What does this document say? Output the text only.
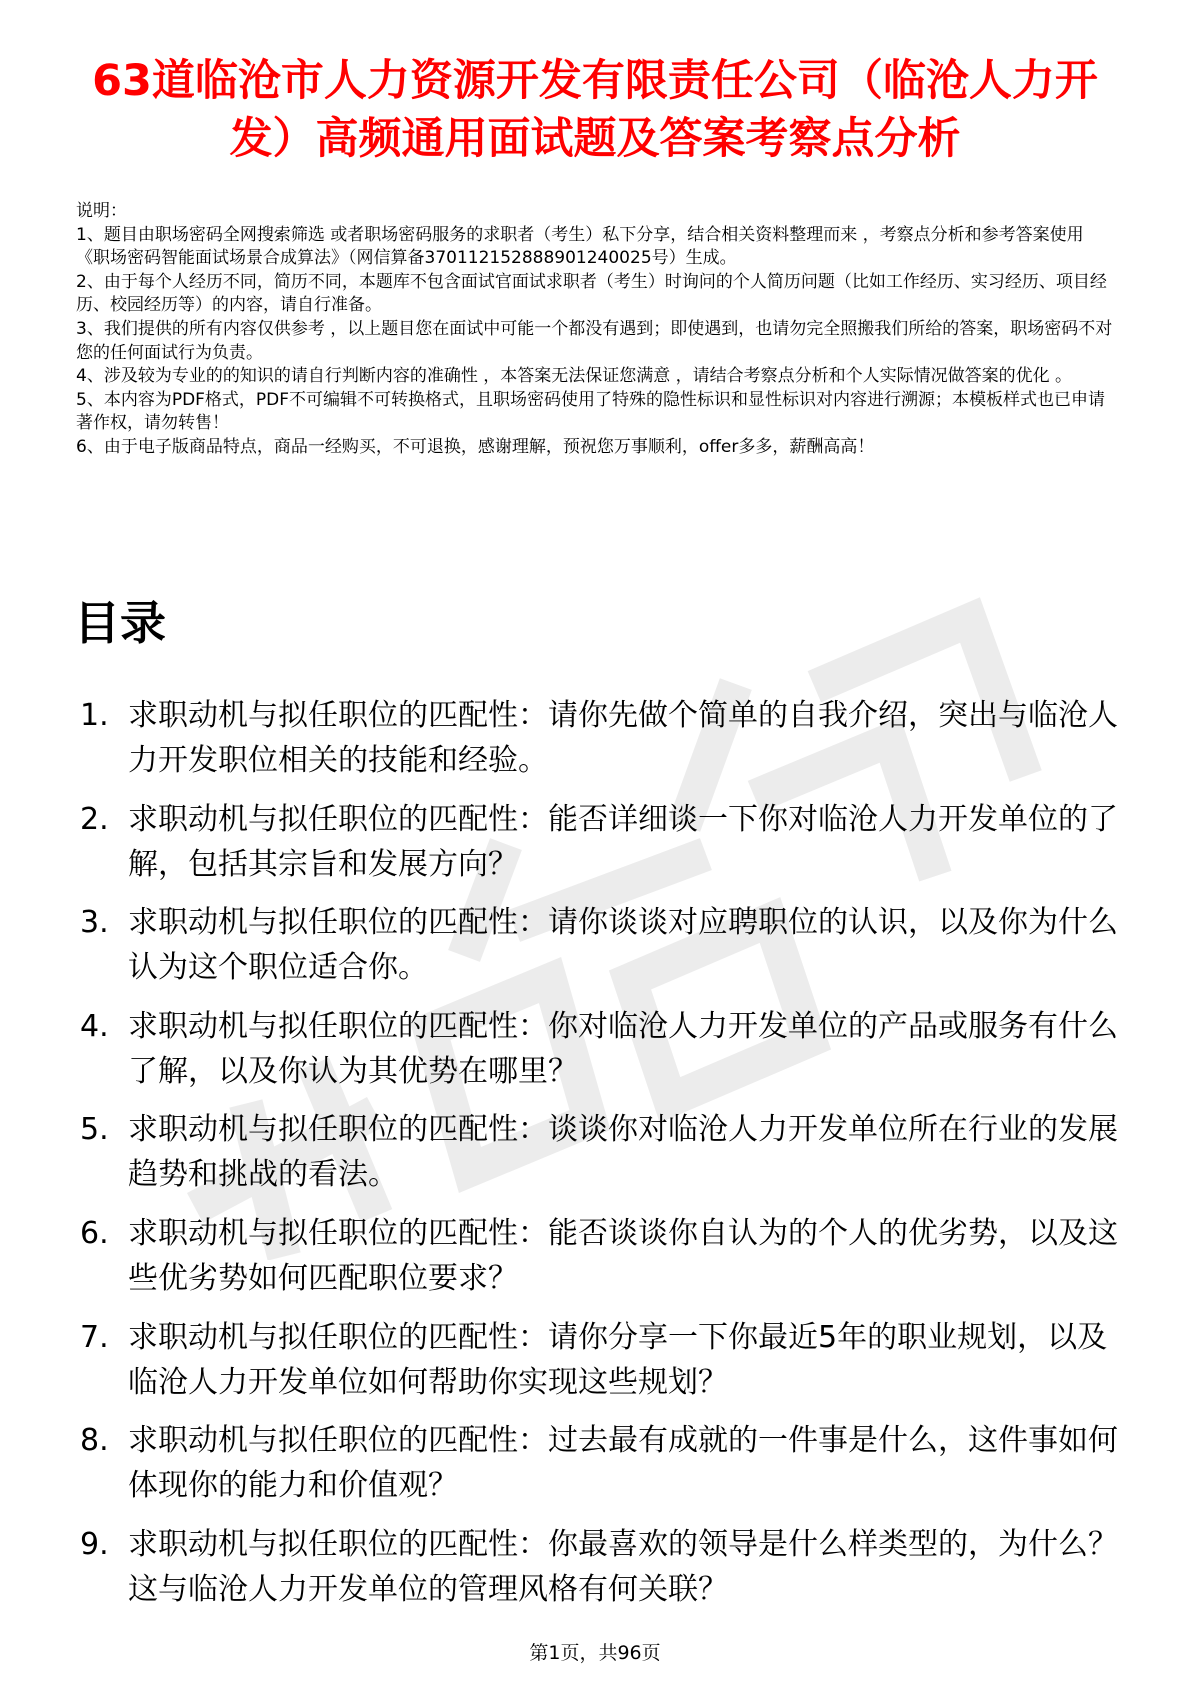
63道临沧市人力资源开发有限责任公司（临沧人力开发）高频通用面试题及答案考察点分析

说明：

1、题目由职场密码全网搜索筛选 或者职场密码服务的求职者（考生）私下分享，结合相关资料整理而来 ，考察点分析和参考答案使用《职场密码智能面试场景合成算法》（网信算备370112152888901240025号）生成。

2、由于每个人经历不同，简历不同，本题库不包含面试官面试求职者（考生）时询问的个人简历问题（比如工作经历、实习经历、项目经历、校园经历等）的内容，请自行准备。

3、我们提供的所有内容仅供参考 ，以上题目您在面试中可能一个都没有遇到；即使遇到，也请勿完全照搬我们所给的答案，职场密码不对您的任何面试行为负责。

4、涉及较为专业的的知识的请自行判断内容的准确性 ，本答案无法保证您满意 ，请结合考察点分析和个人实际情况做答案的优化 。

5、本内容为PDF格式，PDF不可编辑不可转换格式，且职场密码使用了特殊的隐性标识和显性标识对内容进行溯源；本模板样式也已申请著作权，请勿转售！

6、由于电子版商品特点，商品一经购买，不可退换，感谢理解，预祝您万事顺利，offer多多，薪酬高高！

目录
1. 求职动机与拟任职位的匹配性：请你先做个简单的自我介绍，突出与临沧人力开发职位相关的技能和经验。
2. 求职动机与拟任职位的匹配性：能否详细谈一下你对临沧人力开发单位的了解，包括其宗旨和发展方向？
3. 求职动机与拟任职位的匹配性：请你谈谈对应聘职位的认识，以及你为什么认为这个职位适合你。
4. 求职动机与拟任职位的匹配性：你对临沧人力开发单位的产品或服务有什么了解，以及你认为其优势在哪里？
5. 求职动机与拟任职位的匹配性：谈谈你对临沧人力开发单位所在行业的发展趋势和挑战的看法。
6. 求职动机与拟任职位的匹配性：能否谈谈你自认为的个人的优劣势，以及这些优劣势如何匹配职位要求？
7. 求职动机与拟任职位的匹配性：请你分享一下你最近5年的职业规划，以及临沧人力开发单位如何帮助你实现这些规划？
8. 求职动机与拟任职位的匹配性：过去最有成就的一件事是什么，这件事如何体现你的能力和价值观？
9. 求职动机与拟任职位的匹配性：你最喜欢的领导是什么样类型的，为什么？这与临沧人力开发单位的管理风格有何关联？
第1页，共96页
